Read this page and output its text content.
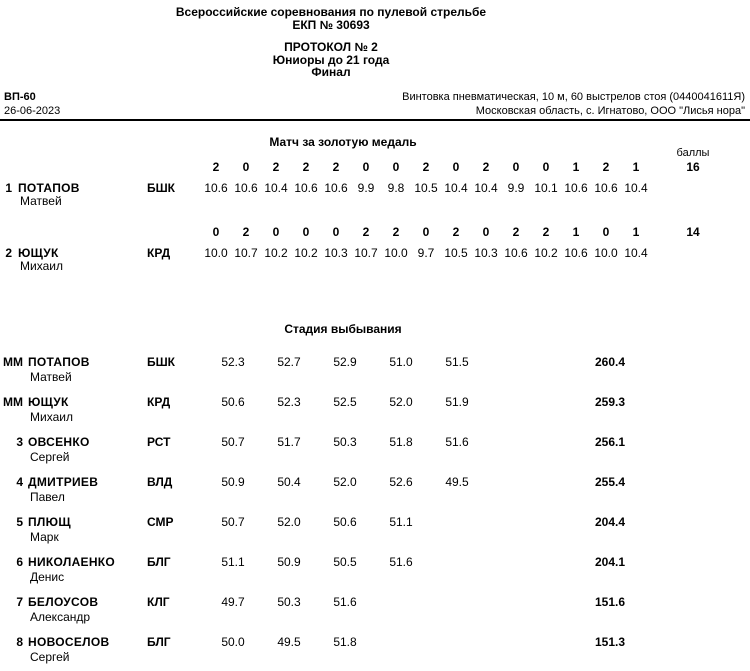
Всероссийские соревнования по пулевой стрельбе
ЕКП № 30693
ПРОТОКОЛ № 2
Юниоры до 21 года
Финал
ВП-60
26-06-2023
Винтовка пневматическая, 10 м, 60 выстрелов стоя (0440041611Я)
Московская область, с. Игнатово, ООО "Лисья нора"
Матч за золотую медаль
баллы
2	0	2	2	2	0	0	2	0	2	0	0	1	2	1	16
1 ПОТАПОВ	БШК 10.6 10.6 10.4 10.6 10.6 9.9	9.8 10.5 10.4 10.4 9.9 10.1 10.6 10.6 10.4
Матвей
0	2	0	0	0	2	2	0	2	0	2	2	1	0	1	14
2 ЮЩУК	КРД	10.0 10.7 10.2 10.2 10.3 10.7 10.0 9.7 10.5 10.3 10.6 10.2 10.6 10.0 10.4
Михаил
Стадия выбывания
ММ ПОТАПОВ	БШК	52.3	52.7	52.9	51.0	51.5	260.4
Матвей
ММ ЮЩУК	КРД	50.6	52.3	52.5	52.0	51.9	259.3
Михаил
3 ОВСЕНКО	РСТ	50.7	51.7	50.3	51.8	51.6	256.1
Сергей
4 ДМИТРИЕВ	ВЛД	50.9	50.4	52.0	52.6	49.5	255.4
Павел
5 ПЛЮЩ	СМР	50.7	52.0	50.6	51.1	204.4
Марк
6 НИКОЛАЕНКО	БЛГ	51.1	50.9	50.5	51.6	204.1
Денис
7 БЕЛОУСОВ	КЛГ	49.7	50.3	51.6	151.6
Александр
8 НОВОСЕЛОВ	БЛГ	50.0	49.5	51.8	151.3
Сергей
